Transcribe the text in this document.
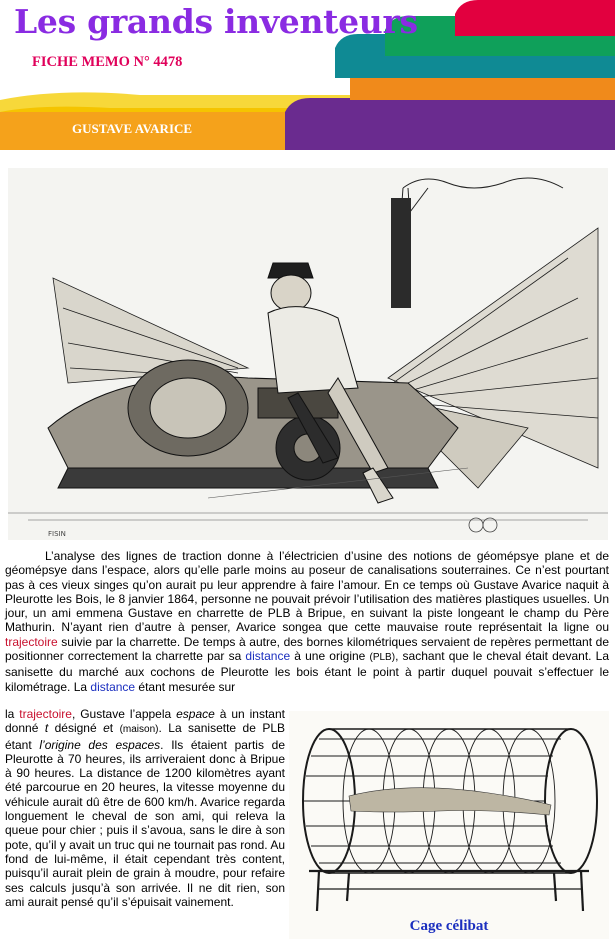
Les grands inventeurs

FICHE MEMO N° 4478

GUSTAVE AVARICE

FISIN

L’analyse des lignes de traction donne à l’électricien d’usine des notions de géomépsye plane et de géomépsye dans l’espace, alors qu’elle parle moins au poseur de canalisations souterraines. Ce n’est pourtant pas à ces vieux singes qu’on aurait pu leur apprendre à faire l’amour. En ce temps où Gustave Avarice naquit à Pleurotte les Bois, le 8 janvier 1864, personne ne pouvait prévoir l’utilisation des matières plastiques usuelles. Un jour, un ami emmena Gustave en charrette de PLB à Bripue, en suivant la piste longeant le champ du Père Mathurin. N’ayant rien d’autre à penser, Avarice songea que cette mauvaise route représentait la ligne ou trajectoire suivie par la charrette. De temps à autre, des bornes kilométriques servaient de repères permettant de positionner correctement la charrette par sa distance à une origine (PLB), sachant que le cheval était devant. La sanisette du marché aux cochons de Pleurotte les bois étant le point à partir duquel pouvait s’effectuer le kilométrage. La distance étant mesurée sur

la trajectoire, Gustave l’appela espace à un instant donné t désigné et (maison). La sanisette de PLB étant l’origine des espaces. Ils étaient partis de Pleurotte à 70 heures, ils arriveraient donc à Bripue à 90 heures. La distance de 1200 kilomètres ayant été parcourue en 20 heures, la vitesse moyenne du véhicule aurait dû être de 600 km/h. Avarice regarda longuement le cheval de son ami, qui releva la queue pour chier ; puis il s’avoua, sans le dire à son pote, qu’il y avait un truc qui ne tournait pas rond. Au fond de lui-même, il était cependant très content, puisqu’il aurait plein de grain à moudre, pour refaire ses calculs jusqu’à son arrivée. Il ne dit rien, son ami aurait pensé qu’il s’épuisait vainement.

Cage célibat
